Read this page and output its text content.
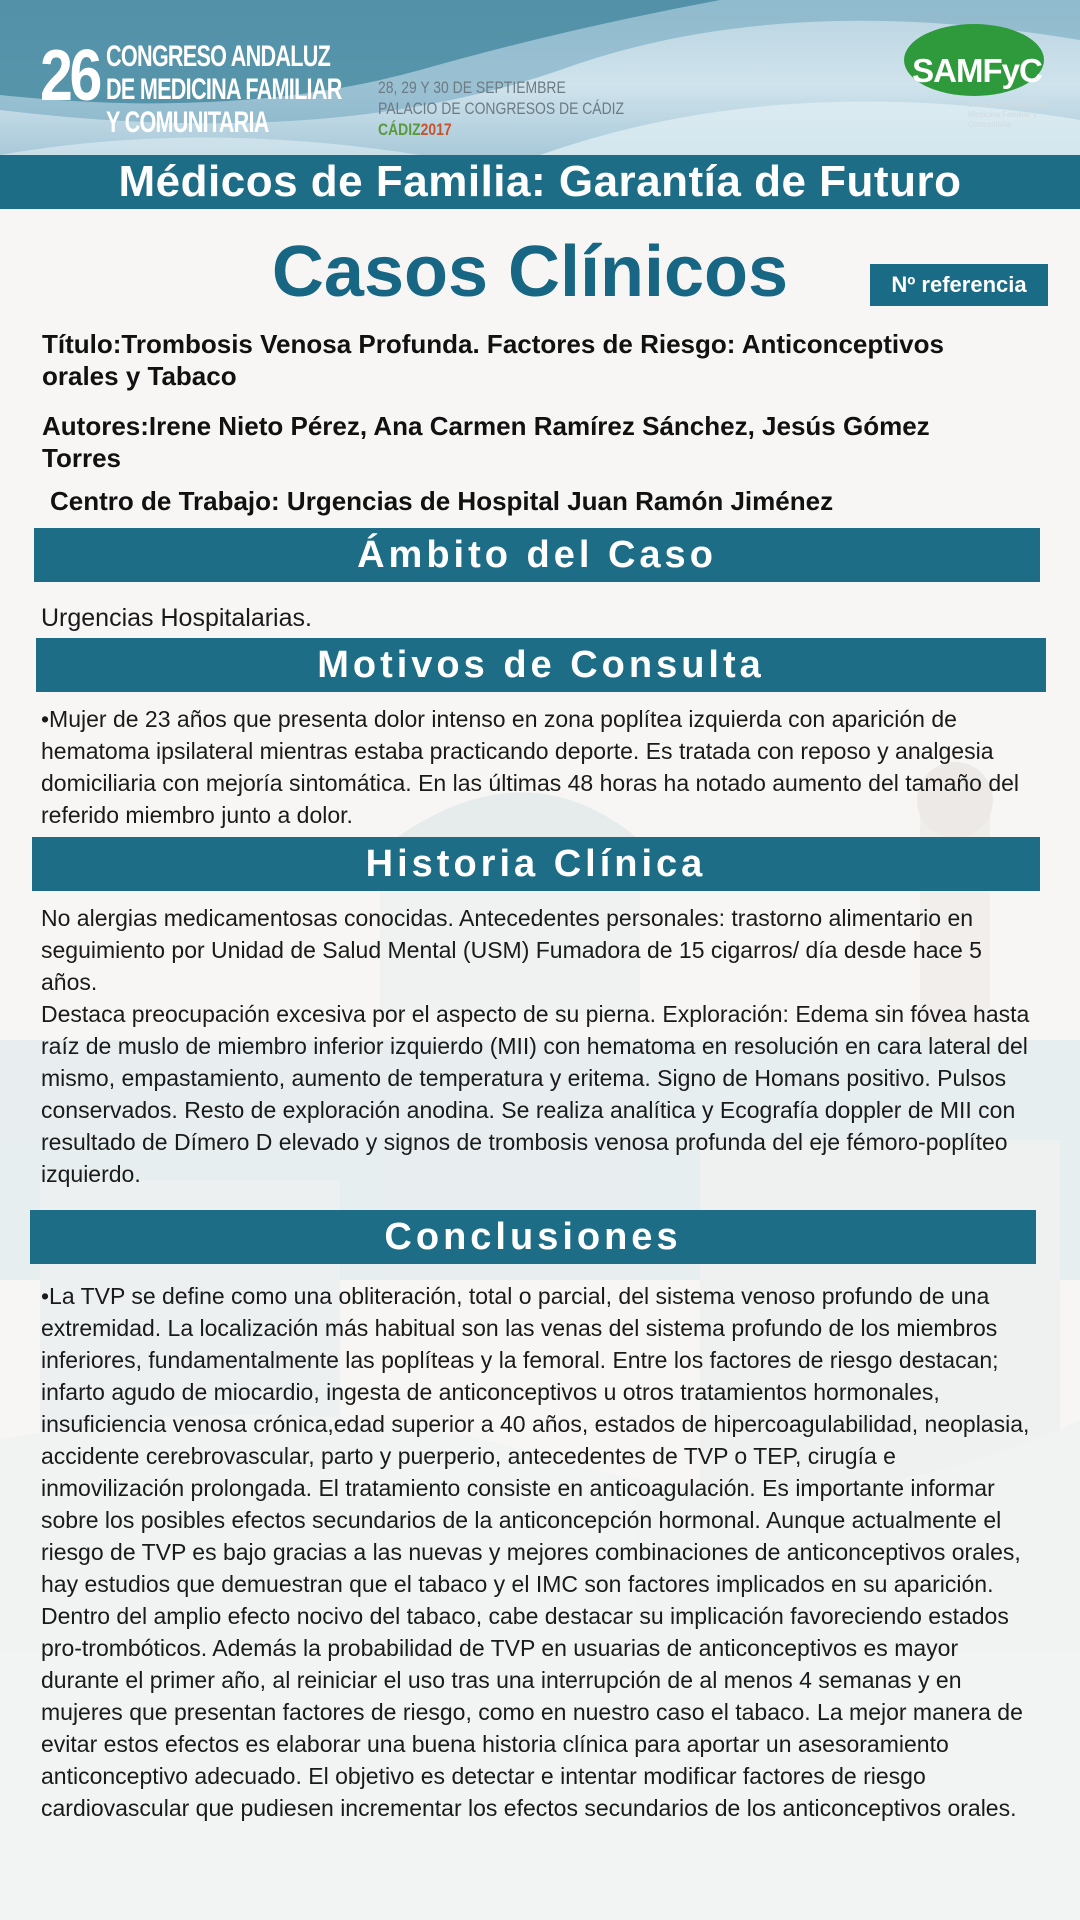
26 CONGRESO ANDALUZ
DE MEDICINA FAMILIAR
Y COMUNITARIA
28, 29 Y 30 DE SEPTIEMBRE
PALACIO DE CONGRESOS DE CÁDIZ
CÁDIZ2017
SAMFyC
Sociedad Andaluza de Medicina Familiar y Comunitaria
Médicos de Familia: Garantía de Futuro
Casos Clínicos	Nº referencia
Título:Trombosis Venosa Profunda. Factores de Riesgo: Anticonceptivos orales y Tabaco
Autores:Irene Nieto Pérez, Ana Carmen Ramírez Sánchez, Jesús Gómez Torres
Centro de Trabajo: Urgencias de Hospital Juan Ramón Jiménez
Ámbito del Caso
Urgencias Hospitalarias.
Motivos de Consulta
•Mujer de 23 años que presenta dolor intenso en zona poplítea izquierda con aparición de hematoma ipsilateral mientras estaba practicando deporte. Es tratada con reposo y analgesia domiciliaria con mejoría sintomática. En las últimas 48 horas ha notado aumento del tamaño del referido miembro junto a dolor.
Historia Clínica
No alergias medicamentosas conocidas. Antecedentes personales: trastorno alimentario en seguimiento por Unidad de Salud Mental (USM) Fumadora de 15 cigarros/ día desde hace 5 años.
Destaca preocupación excesiva por el aspecto de su pierna. Exploración: Edema sin fóvea hasta raíz de muslo de miembro inferior izquierdo (MII) con hematoma en resolución en cara lateral del mismo, empastamiento, aumento de temperatura y eritema. Signo de Homans positivo. Pulsos conservados. Resto de exploración anodina. Se realiza analítica y Ecografía doppler de MII con resultado de Dímero D elevado y signos de trombosis venosa profunda del eje fémoro-poplíteo izquierdo.
Conclusiones
•La TVP se define como una obliteración, total o parcial, del sistema venoso profundo de una extremidad. La localización más habitual son las venas del sistema profundo de los miembros inferiores, fundamentalmente las poplíteas y la femoral. Entre los factores de riesgo destacan; infarto agudo de miocardio, ingesta de anticonceptivos u otros tratamientos hormonales, insuficiencia venosa crónica,edad superior a 40 años, estados de hipercoagulabilidad, neoplasia, accidente cerebrovascular, parto y puerperio, antecedentes de TVP o TEP, cirugía e inmovilización prolongada. El tratamiento consiste en anticoagulación. Es importante informar sobre los posibles efectos secundarios de la anticoncepción hormonal. Aunque actualmente el riesgo de TVP es bajo gracias a las nuevas y mejores combinaciones de anticonceptivos orales, hay estudios que demuestran que el tabaco y el IMC son factores implicados en su aparición. Dentro del amplio efecto nocivo del tabaco, cabe destacar su implicación favoreciendo estados pro-trombóticos. Además la probabilidad de TVP en usuarias de anticonceptivos es mayor durante el primer año, al reiniciar el uso tras una interrupción de al menos 4 semanas y en mujeres que presentan factores de riesgo, como en nuestro caso el tabaco. La mejor manera de evitar estos efectos es elaborar una buena historia clínica para aportar un asesoramiento anticonceptivo adecuado. El objetivo es detectar e intentar modificar factores de riesgo cardiovascular que pudiesen incrementar los efectos secundarios de los anticonceptivos orales.
